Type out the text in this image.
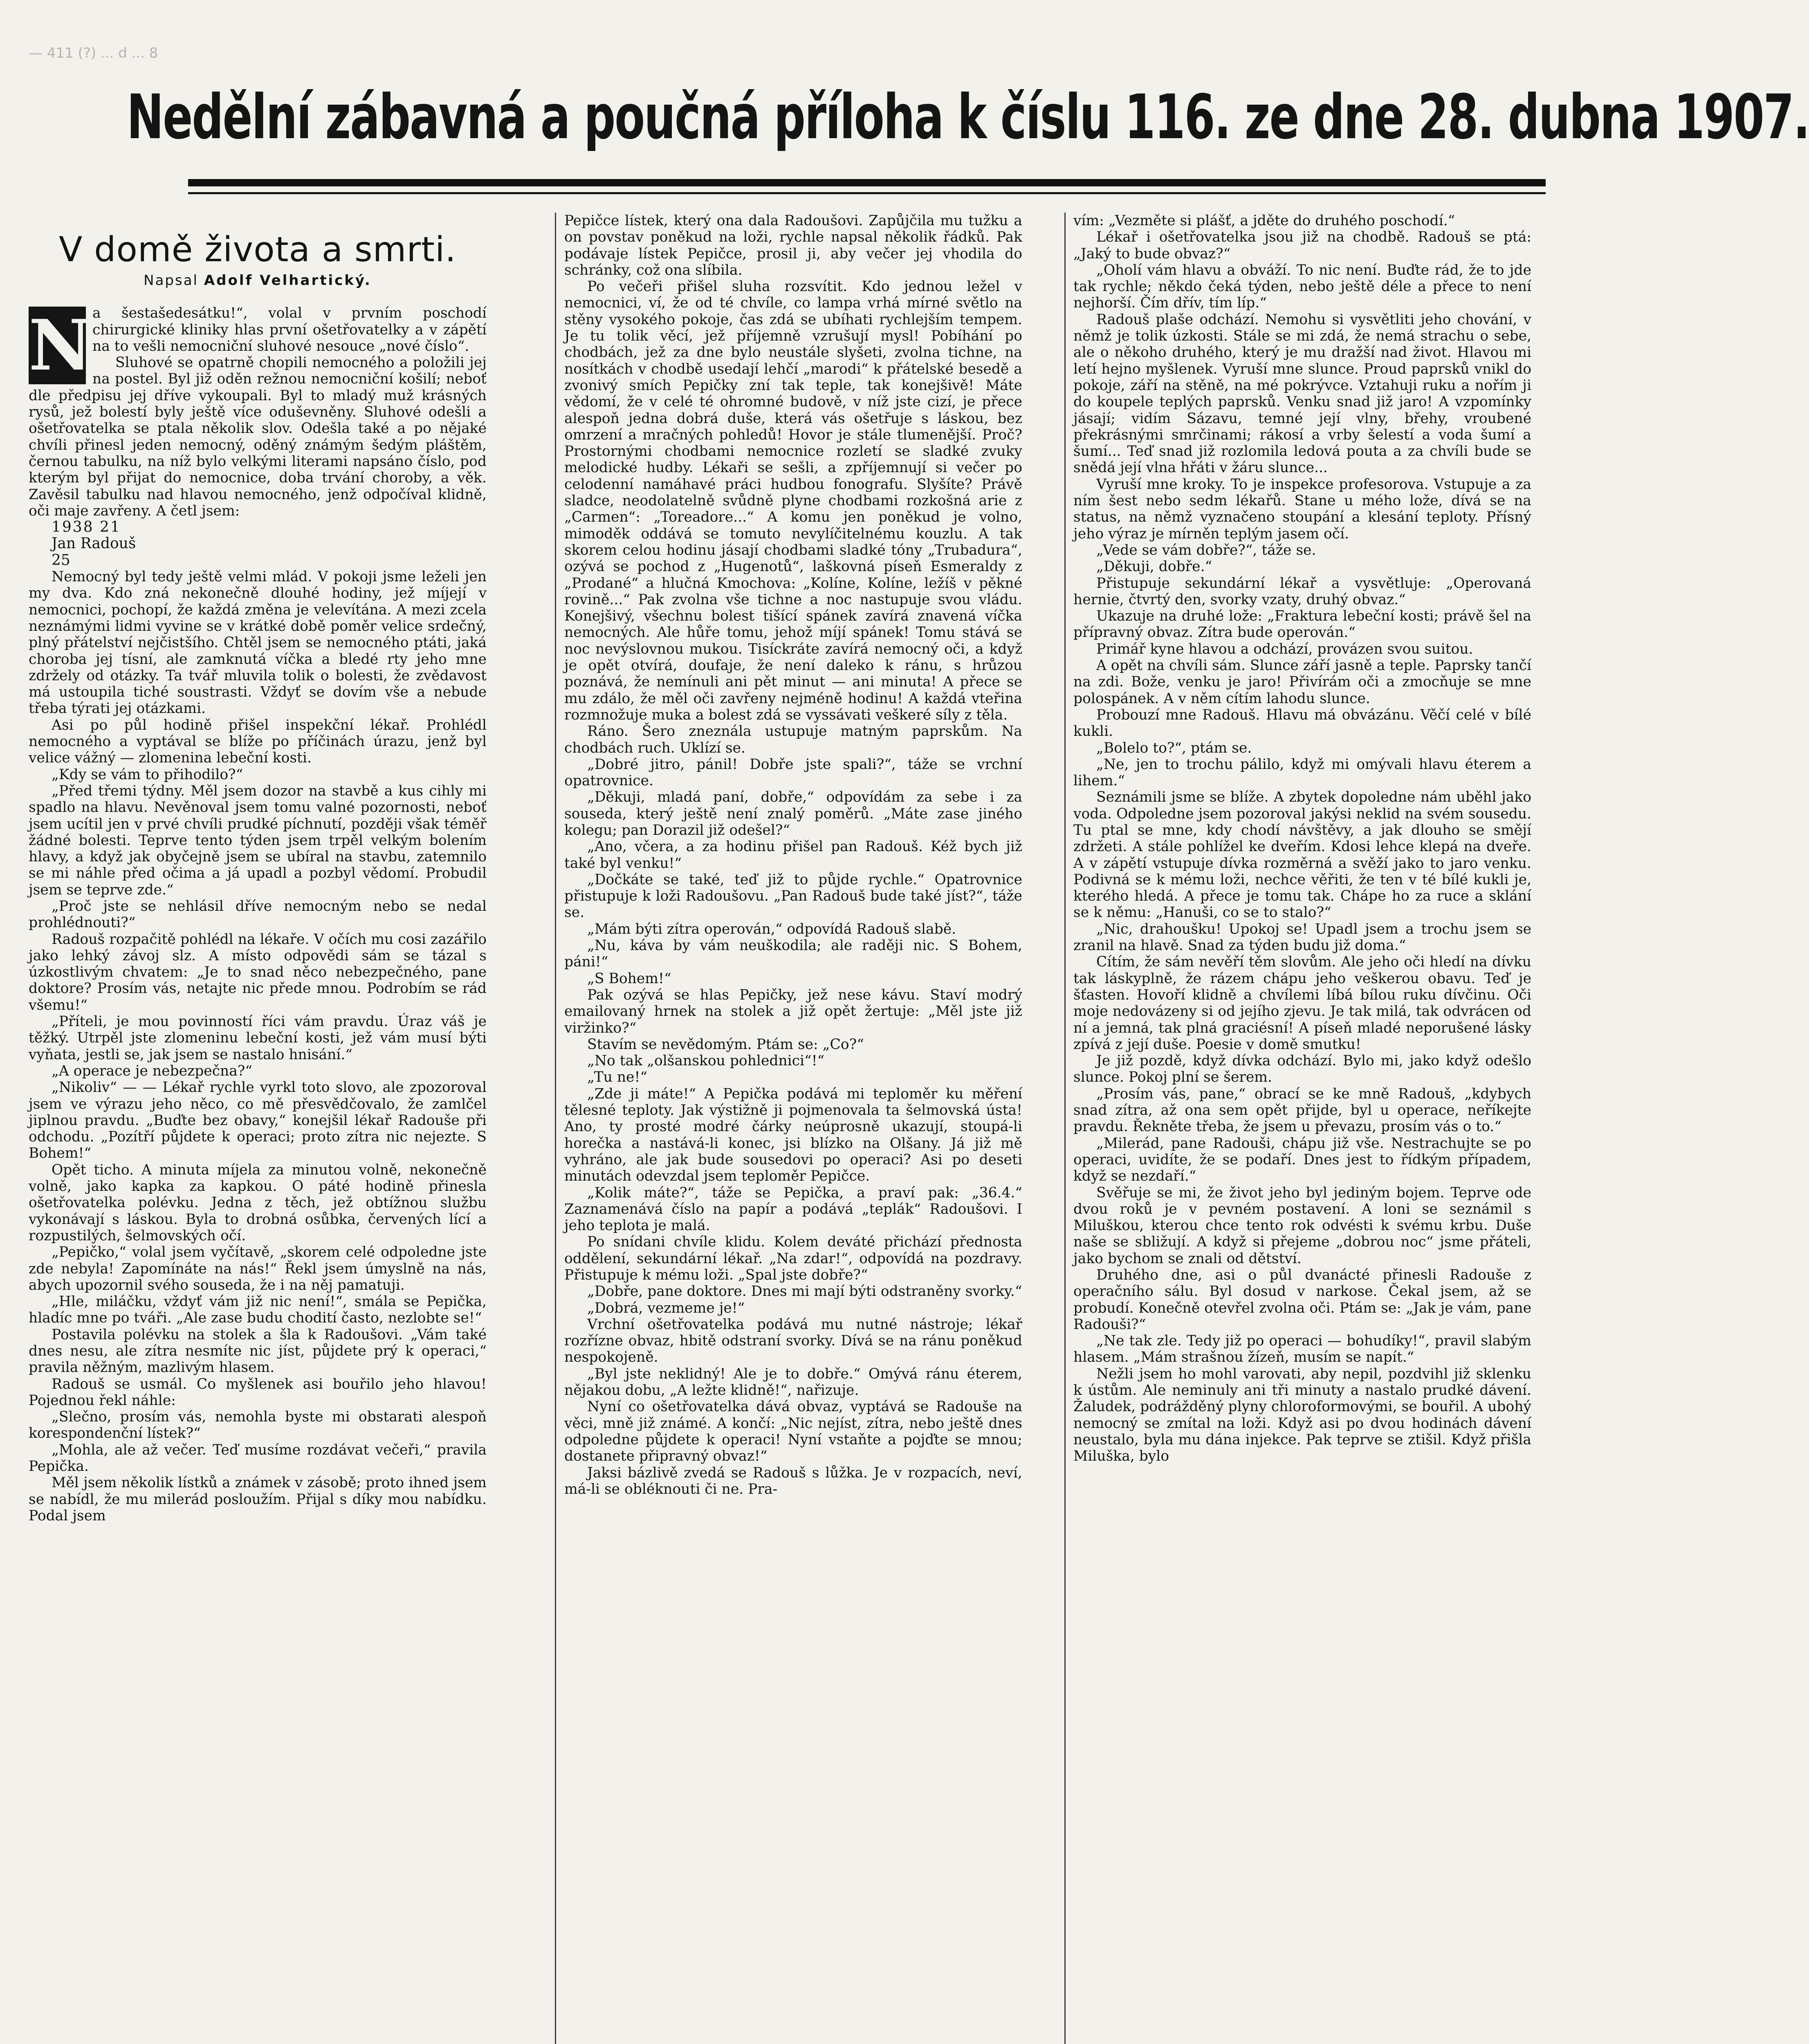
— 411 (?) ... d ... 8
Nedělní zábavná a poučná příloha k číslu 116. ze dne 28. dubna 1907.
V domě života a smrti.
Napsal Adolf Velhartický.
N a šestašedesátku!“, volal v prvním poschodí chirurgické kliniky hlas první ošetřovatelky a v zápětí na to vešli nemocniční sluhové nesouce „nové číslo“.

Sluhové se opatrně chopili nemocného a položili jej na postel. Byl již oděn režnou nemocniční košilí; neboť dle předpisu jej dříve vykoupali. Byl to mladý muž krásných rysů, jež bolestí byly ještě více oduševněny. Sluhové odešli a ošetřovatelka se ptala několik slov. Odešla také a po nějaké chvíli přinesl jeden nemocný, oděný známým šedým pláštěm, černou tabulku, na níž bylo velkými literami napsáno číslo, pod kterým byl přijat do nemocnice, doba trvání choroby, a věk. Zavěsil tabulku nad hlavou nemocného, jenž odpočíval klidně, oči maje zavřeny. A četl jsem:

1938 21

Jan Radouš

25

Nemocný byl tedy ještě velmi mlád. V pokoji jsme leželi jen my dva. Kdo zná nekonečně dlouhé hodiny, jež míjejí v nemocnici, pochopí, že každá změna je velevítána. A mezi zcela neznámými lidmi vyvine se v krátké době poměr velice srdečný, plný přátelství nejčistšího. Chtěl jsem se nemocného ptáti, jaká choroba jej tísní, ale zamknutá víčka a bledé rty jeho mne zdržely od otázky. Ta tvář mluvila tolik o bolesti, že zvědavost má ustoupila tiché soustrasti. Vždyť se dovím vše a nebude třeba týrati jej otázkami.

Asi po půl hodině přišel inspekční lékař. Prohlédl nemocného a vyptával se blíže po příčinách úrazu, jenž byl velice vážný — zlomenina lebeční kosti.

„Kdy se vám to přihodilo?“

„Před třemi týdny. Měl jsem dozor na stavbě a kus cihly mi spadlo na hlavu. Nevěnoval jsem tomu valné pozornosti, neboť jsem ucítil jen v prvé chvíli prudké píchnutí, později však téměř žádné bolesti. Teprve tento týden jsem trpěl velkým bolením hlavy, a když jak obyčejně jsem se ubíral na stavbu, zatemnilo se mi náhle před očima a já upadl a pozbyl vědomí. Probudil jsem se teprve zde.“

„Proč jste se nehlásil dříve nemocným nebo se nedal prohlédnouti?“

Radouš rozpačitě pohlédl na lékaře. V očích mu cosi zazářilo jako lehký závoj slz. A místo odpovědi sám se tázal s úzkostlivým chvatem: „Je to snad něco nebezpečného, pane doktore? Prosím vás, netajte nic přede mnou. Podrobím se rád všemu!“

„Příteli, je mou povinností říci vám pravdu. Úraz váš je těžký. Utrpěl jste zlomeninu lebeční kosti, jež vám musí býti vyňata, jestli se, jak jsem se nastalo hnisání.“

„A operace je nebezpečna?“

„Nikoliv“ — — Lékař rychle vyrkl toto slovo, ale zpozoroval jsem ve výrazu jeho něco, co mě přesvědčovalo, že zamlčel jiplnou pravdu. „Buďte bez obavy,“ konejšil lékař Radouše při odchodu. „Pozítří půjdete k operaci; proto zítra nic nejezte. S Bohem!“

Opět ticho. A minuta míjela za minutou volně, nekonečně volně, jako kapka za kapkou. O páté hodině přinesla ošetřovatelka polévku. Jedna z těch, jež obtížnou službu vykonávají s láskou. Byla to drobná osůbka, červených lící a rozpustilých, šelmovských očí.

„Pepičko,“ volal jsem vyčítavě, „skorem celé odpoledne jste zde nebyla! Zapomínáte na nás!“ Řekl jsem úmyslně na nás, abych upozornil svého souseda, že i na něj pamatuji.

„Hle, miláčku, vždyť vám již nic není!“, smála se Pepička, hladíc mne po tváři. „Ale zase budu chodití často, nezlobte se!“

Postavila polévku na stolek a šla k Radoušovi. „Vám také dnes nesu, ale zítra nesmíte nic jíst, půjdete prý k operaci,“ pravila něžným, mazlivým hlasem.

Radouš se usmál. Co myšlenek asi bouřilo jeho hlavou! Pojednou řekl náhle:

„Slečno, prosím vás, nemohla byste mi obstarati alespoň korespondenční lístek?“

„Mohla, ale až večer. Teď musíme rozdávat večeři,“ pravila Pepička.

Měl jsem několik lístků a známek v zásobě; proto ihned jsem se nabídl, že mu milerád posloužím. Přijal s díky mou nabídku. Podal jsem

Pepičce lístek, který ona dala Radoušovi. Zapůjčila mu tužku a on povstav poněkud na loži, rychle napsal několik řádků. Pak podávaje lístek Pepičce, prosil ji, aby večer jej vhodila do schránky, což ona slíbila.

Po večeři přišel sluha rozsvítit. Kdo jednou ležel v nemocnici, ví, že od té chvíle, co lampa vrhá mírné světlo na stěny vysokého pokoje, čas zdá se ubíhati rychlejším tempem. Je tu tolik věcí, jež příjemně vzrušují mysl! Pobíhání po chodbách, jež za dne bylo neustále slyšeti, zvolna tichne, na nosítkách v chodbě usedají lehčí „marodi“ k přátelské besedě a zvonivý smích Pepičky zní tak teple, tak konejšivě! Máte vědomí, že v celé té ohromné budově, v níž jste cizí, je přece alespoň jedna dobrá duše, která vás ošetřuje s láskou, bez omrzení a mračných pohledů! Hovor je stále tlumenější. Proč? Prostornými chodbami nemocnice rozletí se sladké zvuky melodické hudby. Lékaři se sešli, a zpříjemnují si večer po celodenní namáhavé práci hudbou fonografu. Slyšíte? Právě sladce, neodolatelně svůdně plyne chodbami rozkošná arie z „Carmen“: „Toreadore...“ A komu jen poněkud je volno, mimoděk oddává se tomuto nevylíčitelnému kouzlu. A tak skorem celou hodinu jásají chodbami sladké tóny „Trubadura“, ozývá se pochod z „Hugenotů“, laškovná píseň Esmeraldy z „Prodané“ a hlučná Kmochova: „Kolíne, Kolíne, ležíš v pěkné rovině...“ Pak zvolna vše tichne a noc nastupuje svou vládu. Konejšivý, všechnu bolest tišící spánek zavírá znavená víčka nemocných. Ale hůře tomu, jehož míjí spánek! Tomu stává se noc nevýslovnou mukou. Tisíckráte zavírá nemocný oči, a když je opět otvírá, doufaje, že není daleko k ránu, s hrůzou poznává, že nemínuli ani pět minut — ani minuta! A přece se mu zdálo, že měl oči zavřeny nejméně hodinu! A každá vteřina rozmnožuje muka a bolest zdá se vyssávati veškeré síly z těla.

Ráno. Šero zneznála ustupuje matným paprskům. Na chodbách ruch. Uklízí se.

„Dobré jitro, pánil! Dobře jste spali?“, táže se vrchní opatrovnice.

„Děkuji, mladá paní, dobře,“ odpovídám za sebe i za souseda, který ještě není znalý poměrů. „Máte zase jiného kolegu; pan Dorazil již odešel?“

„Ano, včera, a za hodinu přišel pan Radouš. Kéž bych již také byl venku!“

„Dočkáte se také, teď již to půjde rychle.“ Opatrovnice přistupuje k loži Radoušovu. „Pan Radouš bude také jíst?“, táže se.

„Mám býti zítra operován,“ odpovídá Radouš slabě.

„Nu, káva by vám neuškodila; ale raději nic. S Bohem, páni!“

„S Bohem!“

Pak ozývá se hlas Pepičky, jež nese kávu. Staví modrý emailovaný hrnek na stolek a již opět žertuje: „Měl jste již viržinko?“

Stavím se nevědomým. Ptám se: „Co?“

„No tak „olšanskou pohlednici“!“

„Tu ne!“

„Zde ji máte!“ A Pepička podává mi teploměr ku měření tělesné teploty. Jak výstižně ji pojmenovala ta šelmovská ústa! Ano, ty prosté modré čárky neúprosně ukazují, stoupá-li horečka a nastává-li konec, jsi blízko na Olšany. Já již mě vyhráno, ale jak bude sousedovi po operaci? Asi po deseti minutách odevzdal jsem teploměr Pepičce.

„Kolik máte?“, táže se Pepička, a praví pak: „36.4.“ Zaznamenává číslo na papír a podává „teplák“ Radoušovi. I jeho teplota je malá.

Po snídani chvíle klidu. Kolem deváté přichází přednosta oddělení, sekundární lékař. „Na zdar!“, odpovídá na pozdravy. Přistupuje k mému loži. „Spal jste dobře?“

„Dobře, pane doktore. Dnes mi mají býti odstraněny svorky.“

„Dobrá, vezmeme je!“

Vrchní ošetřovatelka podává mu nutné nástroje; lékař rozřízne obvaz, hbitě odstraní svorky. Dívá se na ránu poněkud nespokojeně.

„Byl jste neklidný! Ale je to dobře.“ Omývá ránu éterem, nějakou dobu, „A ležte klidně!“, nařizuje.

Nyní co ošetřovatelka dává obvaz, vyptává se Radouše na věci, mně již známé. A končí: „Nic nejíst, zítra, nebo ještě dnes odpoledne půjdete k operaci! Nyní vstaňte a pojďte se mnou; dostanete připravný obvaz!“

Jaksi bázlivě zvedá se Radouš s lůžka. Je v rozpacích, neví, má-li se obléknouti či ne. Pra-

vím: „Vezměte si plášť, a jděte do druhého poschodí.“

Lékař i ošetřovatelka jsou již na chodbě. Radouš se ptá: „Jaký to bude obvaz?“

„Oholí vám hlavu a obváží. To nic není. Buďte rád, že to jde tak rychle; někdo čeká týden, nebo ještě déle a přece to není nejhorší. Čím dřív, tím líp.“

Radouš plaše odchází. Nemohu si vysvětliti jeho chování, v němž je tolik úzkosti. Stále se mi zdá, že nemá strachu o sebe, ale o někoho druhého, který je mu dražší nad život. Hlavou mi letí hejno myšlenek. Vyruší mne slunce. Proud paprsků vnikl do pokoje, září na stěně, na mé pokrývce. Vztahuji ruku a nořím ji do koupele teplých paprsků. Venku snad již jaro! A vzpomínky jásají; vidím Sázavu, temné její vlny, břehy, vroubené překrásnými smrčinami; rákosí a vrby šelestí a voda šumí a šumí... Teď snad již rozlomila ledová pouta a za chvíli bude se snědá její vlna hřáti v žáru slunce...

Vyruší mne kroky. To je inspekce profesorova. Vstupuje a za ním šest nebo sedm lékařů. Stane u mého lože, dívá se na status, na němž vyznačeno stoupání a klesání teploty. Přísný jeho výraz je mírněn teplým jasem očí.

„Vede se vám dobře?“, táže se.

„Děkuji, dobře.“

Přistupuje sekundární lékař a vysvětluje: „Operovaná hernie, čtvrtý den, svorky vzaty, druhý obvaz.“

Ukazuje na druhé lože: „Fraktura lebeční kosti; právě šel na přípravný obvaz. Zítra bude operován.“

Primář kyne hlavou a odchází, provázen svou suitou.

A opět na chvíli sám. Slunce září jasně a teple. Paprsky tančí na zdi. Bože, venku je jaro! Přivírám oči a zmocňuje se mne polospánek. A v něm cítím lahodu slunce.

Probouzí mne Radouš. Hlavu má obvázánu. Věčí celé v bílé kukli.

„Bolelo to?“, ptám se.

„Ne, jen to trochu pálilo, když mi omývali hlavu éterem a lihem.“

Seznámili jsme se blíže. A zbytek dopoledne nám uběhl jako voda. Odpoledne jsem pozoroval jakýsi neklid na svém sousedu. Tu ptal se mne, kdy chodí návštěvy, a jak dlouho se smějí zdržeti. A stále pohlížel ke dveřím. Kdosi lehce klepá na dveře. A v zápětí vstupuje dívka rozměrná a svěží jako to jaro venku. Podivná se k mému loži, nechce věřiti, že ten v té bílé kukli je, kterého hledá. A přece je tomu tak. Chápe ho za ruce a sklání se k němu: „Hanuši, co se to stalo?“

„Nic, drahoušku! Upokoj se! Upadl jsem a trochu jsem se zranil na hlavě. Snad za týden budu již doma.“

Cítím, že sám nevěří těm slovům. Ale jeho oči hledí na dívku tak láskyplně, že rázem chápu jeho veškerou obavu. Teď je šťasten. Hovoří klidně a chvílemi líbá bílou ruku dívčinu. Oči moje nedovázeny si od jejího zjevu. Je tak milá, tak odvrácen od ní a jemná, tak plná graciésní! A píseň mladé neporušené lásky zpívá z její duše. Poesie v domě smutku!

Je již pozdě, když dívka odchází. Bylo mi, jako když odešlo slunce. Pokoj plní se šerem.

„Prosím vás, pane,“ obrací se ke mně Radouš, „kdybych snad zítra, až ona sem opět přijde, byl u operace, neříkejte pravdu. Řekněte třeba, že jsem u převazu, prosím vás o to.“

„Milerád, pane Radouši, chápu již vše. Nestrachujte se po operaci, uvidíte, že se podaří. Dnes jest to řídkým případem, když se nezdaří.“

Svěřuje se mi, že život jeho byl jediným bojem. Teprve ode dvou roků je v pevném postavení. A loni se seznámil s Miluškou, kterou chce tento rok odvésti k svému krbu. Duše naše se sbližují. A když si přejeme „dobrou noc“ jsme přáteli, jako bychom se znali od dětství.

Druhého dne, asi o půl dvanácté přinesli Radouše z operačního sálu. Byl dosud v narkose. Čekal jsem, až se probudí. Konečně otevřel zvolna oči. Ptám se: „Jak je vám, pane Radouši?“

„Ne tak zle. Tedy již po operaci — bohudíky!“, pravil slabým hlasem. „Mám strašnou žízeň, musím se napít.“

Nežli jsem ho mohl varovati, aby nepil, pozdvihl již sklenku k ústům. Ale neminuly ani tři minuty a nastalo prudké dávení. Žaludek, podrážděný plyny chloroformovými, se bouřil. A ubohý nemocný se zmítal na loži. Když asi po dvou hodinách dávení neustalo, byla mu dána injekce. Pak teprve se ztišil. Když přišla Miluška, bylo
